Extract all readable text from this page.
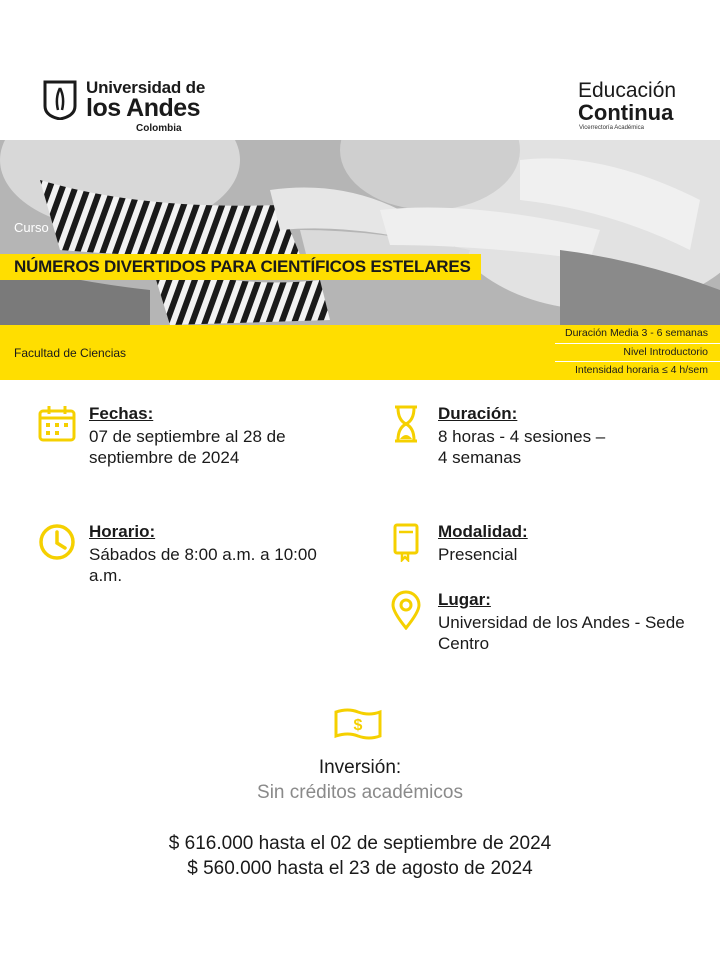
Universidad de
los Andes
Colombia
Educación
Continua
Vicerrectoría Académica
Curso
NÚMEROS DIVERTIDOS PARA CIENTÍFICOS ESTELARES
Facultad de Ciencias
Duración Media 3 - 6 semanas
Nivel Introductorio
Intensidad horaria ≤ 4 h/sem
Fechas:
07 de septiembre al 28 de
septiembre de 2024
Horario:
Sábados de 8:00 a.m. a 10:00
a.m.
Duración:
8 horas - 4 sesiones –
4 semanas
Modalidad:
Presencial
Lugar:
Universidad de los Andes - Sede
Centro
$
Inversión:
Sin créditos académicos
$ 616.000 hasta el 02 de septiembre de 2024
$ 560.000 hasta el 23 de agosto de 2024
